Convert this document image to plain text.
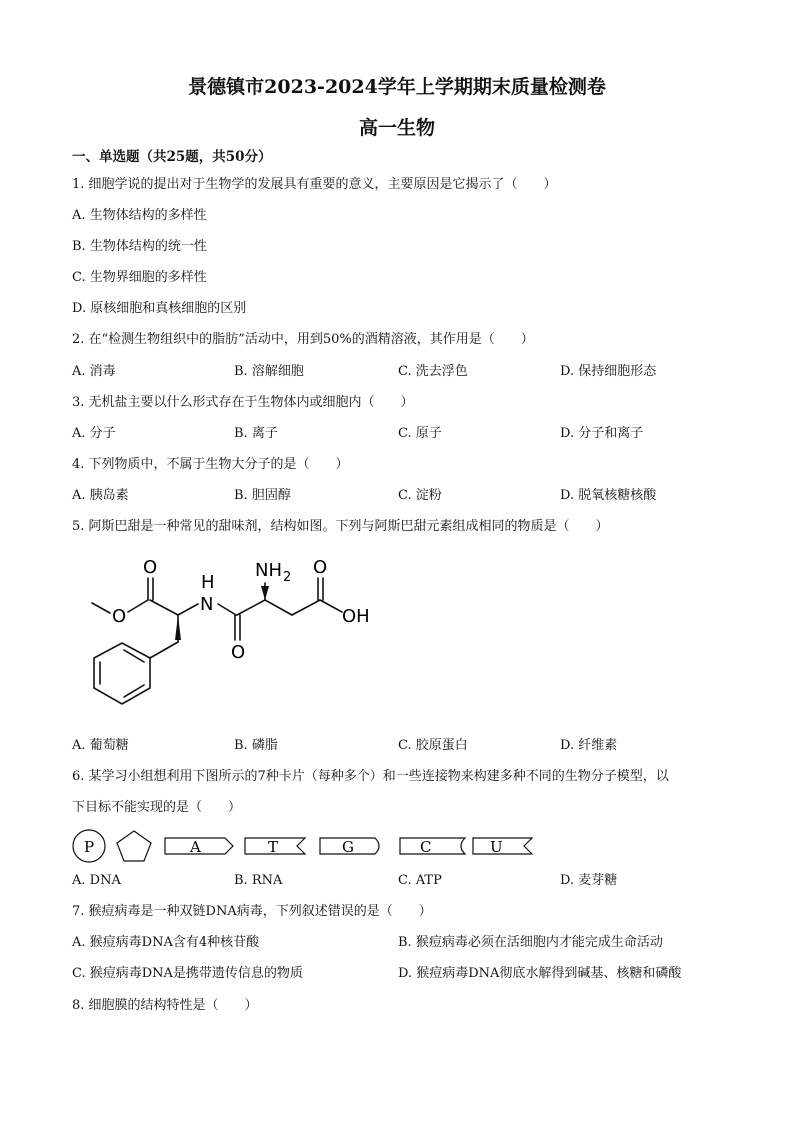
景德镇市2023-2024学年上学期期末质量检测卷
高一生物
一、单选题（共25题，共50分）
1. 细胞学说的提出对于生物学的发展具有重要的意义，主要原因是它揭示了（　　）
A. 生物体结构的多样性
B. 生物体结构的统一性
C. 生物界细胞的多样性
D. 原核细胞和真核细胞的区别
2. 在“检测生物组织中的脂肪”活动中，用到50%的酒精溶液，其作用是（　　）
A. 消毒	B. 溶解细胞	C. 洗去浮色	D. 保持细胞形态
3. 无机盐主要以什么形式存在于生物体内或细胞内（　　）
A. 分子	B. 离子	C. 原子	D. 分子和离子
4. 下列物质中，不属于生物大分子的是（　　）
A. 胰岛素	B. 胆固醇	C. 淀粉	D. 脱氧核糖核酸
5. 阿斯巴甜是一种常见的甜味剂，结构如图。下列与阿斯巴甜元素组成相同的物质是（　　）
O
O
N
H
O
NH 2 O
OH
A. 葡萄糖	B. 磷脂	C. 胶原蛋白	D. 纤维素
6. 某学习小组想利用下图所示的7种卡片（每种多个）和一些连接物来构建多种不同的生物分子模型，以
下目标不能实现的是（　　）
P	A	T	G	C	U
A. DNA	B. RNA	C. ATP	D. 麦芽糖
7. 猴痘病毒是一种双链DNA病毒，下列叙述错误的是（　　）
A. 猴痘病毒DNA含有4种核苷酸	B. 猴痘病毒必须在活细胞内才能完成生命活动
C. 猴痘病毒DNA是携带遗传信息的物质	D. 猴痘病毒DNA彻底水解得到碱基、核糖和磷酸
8. 细胞膜的结构特性是（　　）
